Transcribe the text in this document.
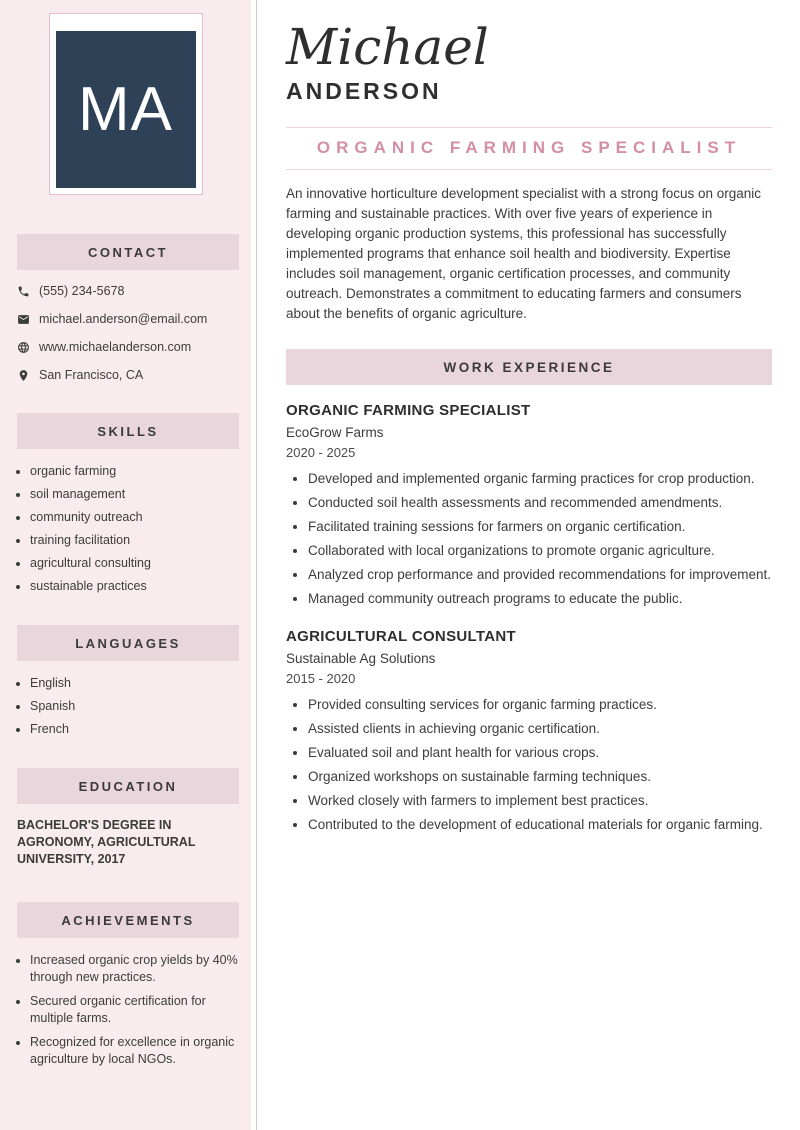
MA
CONTACT
(555) 234-5678
michael.anderson@email.com
www.michaelanderson.com
San Francisco, CA
SKILLS
• organic farming
• soil management
• community outreach
• training facilitation
• agricultural consulting
• sustainable practices
LANGUAGES
• English
• Spanish
• French
EDUCATION

BACHELOR'S DEGREE IN AGRONOMY, AGRICULTURAL UNIVERSITY, 2017

ACHIEVEMENTS
• Increased organic crop yields by 40% through new practices.
• Secured organic certification for multiple farms.
• Recognized for excellence in organic agriculture by local NGOs.
Michael
ANDERSON
ORGANIC FARMING SPECIALIST

An innovative horticulture development specialist with a strong focus on organic farming and sustainable practices. With over five years of experience in developing organic production systems, this professional has successfully implemented programs that enhance soil health and biodiversity. Expertise includes soil management, organic certification processes, and community outreach. Demonstrates a commitment to educating farmers and consumers about the benefits of organic agriculture.

WORK EXPERIENCE
ORGANIC FARMING SPECIALIST
EcoGrow Farms
2020 - 2025
• Developed and implemented organic farming practices for crop production.
• Conducted soil health assessments and recommended amendments.
• Facilitated training sessions for farmers on organic certification.
• Collaborated with local organizations to promote organic agriculture.
• Analyzed crop performance and provided recommendations for improvement.
• Managed community outreach programs to educate the public.
AGRICULTURAL CONSULTANT
Sustainable Ag Solutions
2015 - 2020
• Provided consulting services for organic farming practices.
• Assisted clients in achieving organic certification.
• Evaluated soil and plant health for various crops.
• Organized workshops on sustainable farming techniques.
• Worked closely with farmers to implement best practices.
• Contributed to the development of educational materials for organic farming.
